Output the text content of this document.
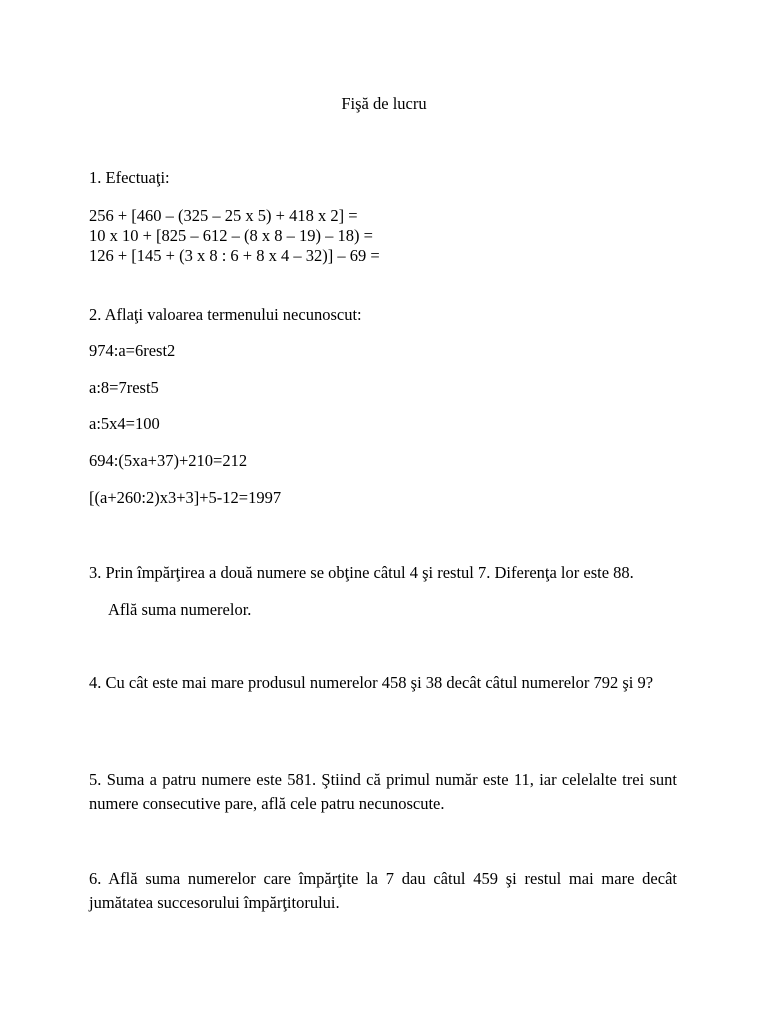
Fişă de lucru
1. Efectuaţi:
256 + [460 – (325 – 25 x 5) + 418 x 2] =
10 x 10 + [825 – 612 – (8 x 8 – 19) – 18) =
126 + [145 + (3 x 8 : 6 + 8 x 4 – 32)] – 69 =
2. Aflaţi valoarea termenului necunoscut:
974:a=6rest2
a:8=7rest5
a:5x4=100
694:(5xa+37)+210=212
[(a+260:2)x3+3]+5-12=1997
3. Prin împărţirea a două numere se obţine câtul 4 şi restul 7. Diferenţa lor este 88.
Află suma numerelor.
4. Cu cât este mai mare produsul numerelor 458 şi 38 decât câtul numerelor 792 şi 9?
5. Suma a patru numere este 581. Ştiind că primul număr este 11, iar celelalte trei sunt numere consecutive pare, află cele patru necunoscute.
6. Află suma numerelor care împărţite la 7 dau câtul 459 şi restul mai mare decât jumătatea succesorului împărţitorului.
